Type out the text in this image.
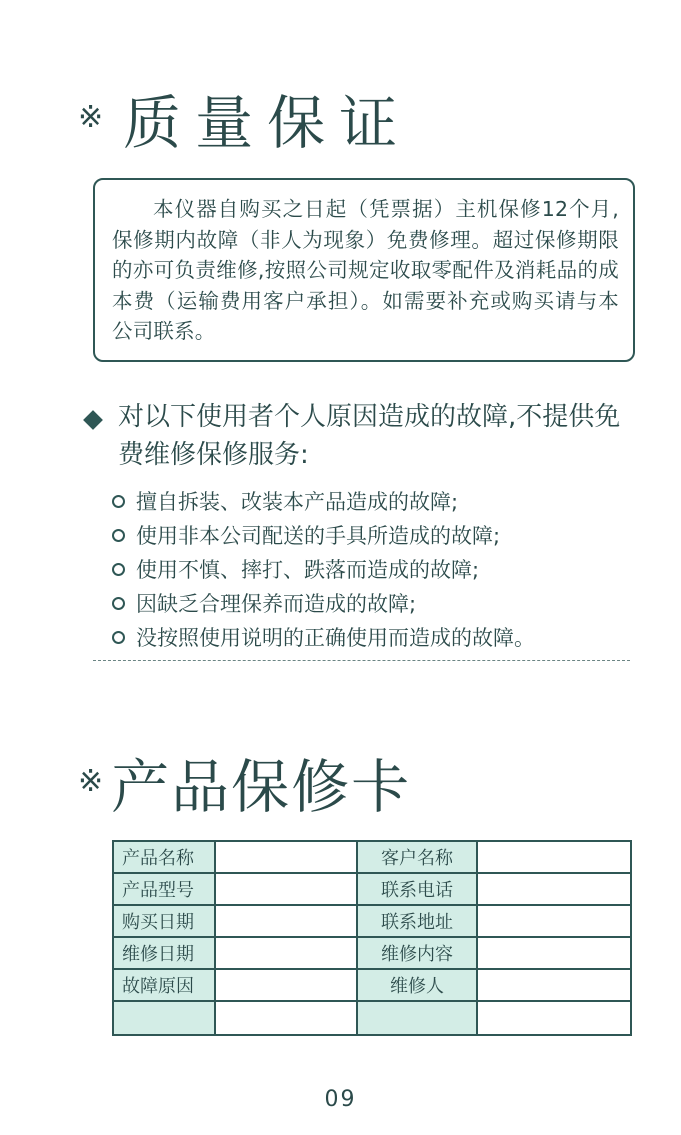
※ 质量保证

本仪器自购买之日起（凭票据）主机保修12个月,保修期内故障（非人为现象）免费修理。超过保修期限的亦可负责维修,按照公司规定收取零配件及消耗品的成本费（运输费用客户承担）。如需要补充或购买请与本公司联系。

对以下使用者个人原因造成的故障,不提供免费维修保修服务:
擅自拆装、改装本产品造成的故障;
使用非本公司配送的手具所造成的故障;
使用不慎、摔打、跌落而造成的故障;
因缺乏合理保养而造成的故障;
没按照使用说明的正确使用而造成的故障。
※ 产品保修卡
产品名称		客户名称	
产品型号		联系电话	
购买日期		联系地址	
维修日期		维修内容	
故障原因		维修人	

09
